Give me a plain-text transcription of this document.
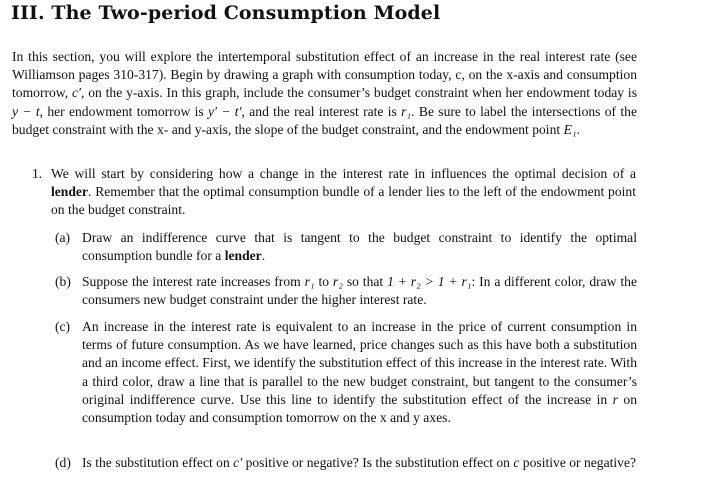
III. The Two-period Consumption Model

In this section, you will explore the intertemporal substitution effect of an increase in the real interest rate (see Williamson pages 310-317). Begin by drawing a graph with consumption today, c, on the x-axis and consumption tomorrow, c′, on the y-axis. In this graph, include the consumer’s budget constraint when her endowment today is y − t, her endowment tomorrow is y′ − t′, and the real interest rate is r₁. Be sure to label the intersections of the budget constraint with the x- and y-axis, the slope of the budget constraint, and the endowment point E₁.

1. We will start by considering how a change in the interest rate in influences the optimal decision of a lender. Remember that the optimal consumption bundle of a lender lies to the left of the endowment point on the budget constraint.

(a) Draw an indifference curve that is tangent to the budget constraint to identify the optimal consumption bundle for a lender.

(b) Suppose the interest rate increases from r₁ to r₂ so that 1 + r₂ > 1 + r₁: In a different color, draw the consumers new budget constraint under the higher interest rate.

(c) An increase in the interest rate is equivalent to an increase in the price of current consumption in terms of future consumption. As we have learned, price changes such as this have both a substitution and an income effect. First, we identify the substitution effect of this increase in the interest rate. With a third color, draw a line that is parallel to the new budget constraint, but tangent to the consumer’s original indifference curve. Use this line to identify the substitution effect of the increase in r on consumption today and consumption tomorrow on the x and y axes.

(d) Is the substitution effect on c′ positive or negative? Is the substitution effect on c positive or negative?
